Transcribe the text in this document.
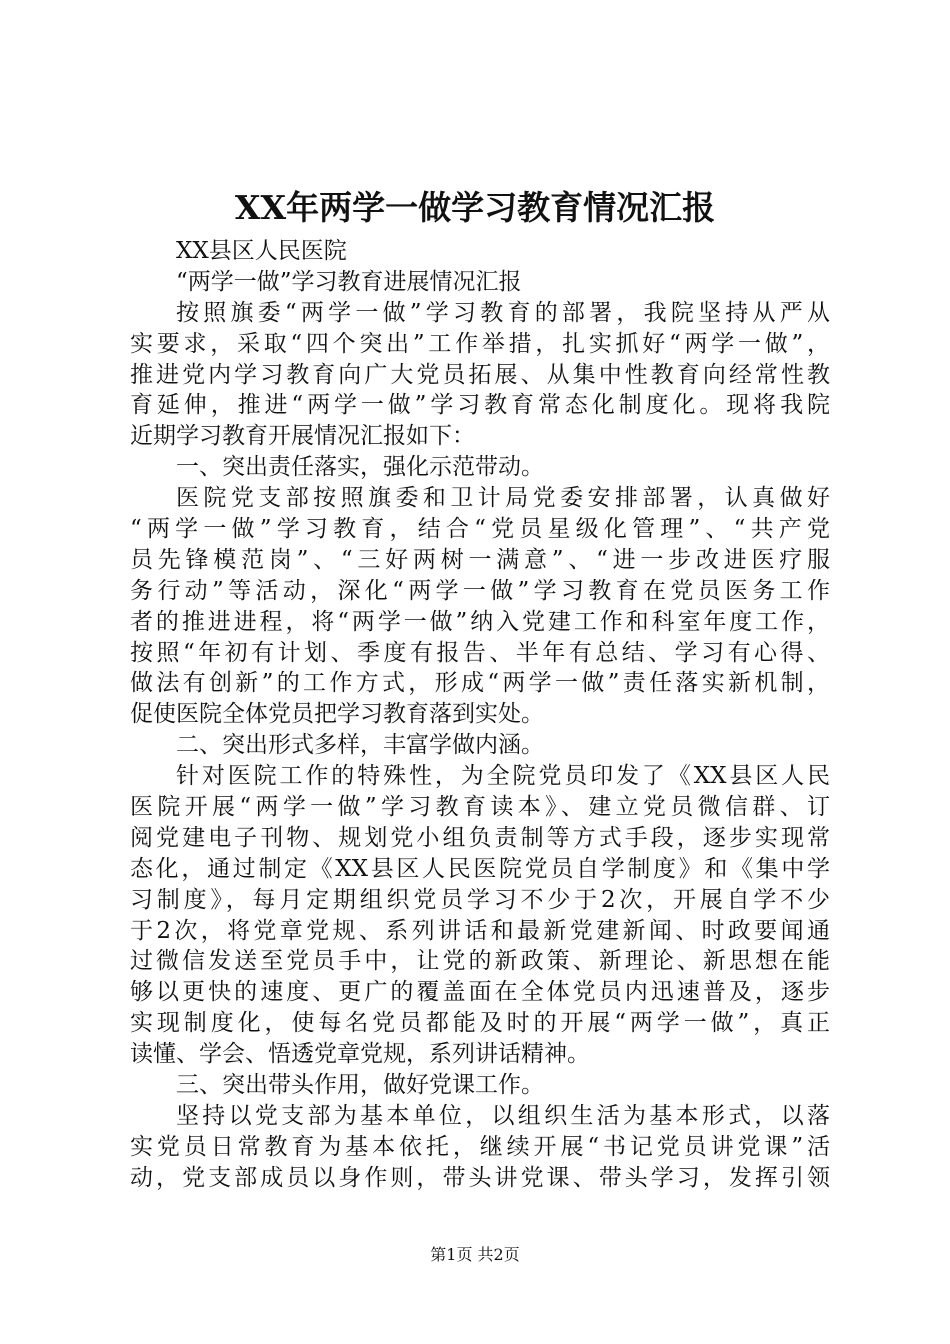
XX年两学一做学习教育情况汇报
XX县区人民医院
“两学一做”学习教育进展情况汇报
按照旗委“两学一做”学习教育的部署，我院坚持从严从
实要求，采取“四个突出”工作举措，扎实抓好“两学一做”，
推进党内学习教育向广大党员拓展、从集中性教育向经常性教
育延伸，推进“两学一做”学习教育常态化制度化。现将我院
近期学习教育开展情况汇报如下：
一、突出责任落实，强化示范带动。
医院党支部按照旗委和卫计局党委安排部署，认真做好
“两学一做”学习教育，结合“党员星级化管理”、“共产党
员先锋模范岗”、“三好两树一满意”、“进一步改进医疗服
务行动”等活动，深化“两学一做”学习教育在党员医务工作
者的推进进程，将“两学一做”纳入党建工作和科室年度工作，
按照“年初有计划、季度有报告、半年有总结、学习有心得、
做法有创新”的工作方式，形成“两学一做”责任落实新机制，
促使医院全体党员把学习教育落到实处。
二、突出形式多样，丰富学做内涵。
针对医院工作的特殊性，为全院党员印发了《XX县区人民
医院开展“两学一做”学习教育读本》、建立党员微信群、订
阅党建电子刊物、规划党小组负责制等方式手段，逐步实现常
态化，通过制定《XX县区人民医院党员自学制度》和《集中学
习制度》，每月定期组织党员学习不少于2次，开展自学不少
于2次，将党章党规、系列讲话和最新党建新闻、时政要闻通
过微信发送至党员手中，让党的新政策、新理论、新思想在能
够以更快的速度、更广的覆盖面在全体党员内迅速普及，逐步
实现制度化，使每名党员都能及时的开展“两学一做”，真正
读懂、学会、悟透党章党规，系列讲话精神。
三、突出带头作用，做好党课工作。
坚持以党支部为基本单位，以组织生活为基本形式，以落
实党员日常教育为基本依托，继续开展“书记党员讲党课”活
动，党支部成员以身作则，带头讲党课、带头学习，发挥引领
第1页 共2页
